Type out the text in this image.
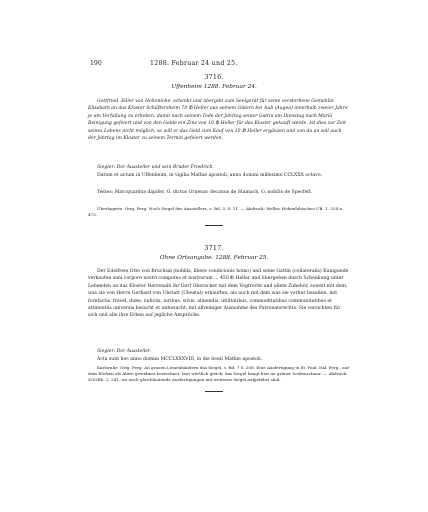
190	1288. Februar 24 und 25.
3716.
Uffenheim 1288. Februar 24.
Gottfried, Edler von Hohenlohe, schenkt und übergibt zum Seelgerät für seine verstorbene Gemahlin Elisabeth an das Kloster Schäftersheim 70 ℔ Heller aus seinem Gütern bei Aub (Augea) innerhalb zweier Jahre je um Verfallung zu erheben, damit nach seinem Tode der Jahrtag seiner Gattin am Dienstag nach Mariä Reinigung gefeiert und von den Gelde ein Zins von 10 ℔ Heller für das Kloster gekauft werde. Ist dies zur Zeit seines Lebens nicht möglich, so will er das Geld zum Kauf von 10 ℔ Heller ergänzen und von da an soll auch der Jahrtag im Kloster zu seinem Termin gefeiert werden.
Siegler: Der Aussteller und sein Bruder Friedrich.
Datum et actum in Uffenheim, in vigilia Mathie apostoli, anno domini millesimo CCLXXX octavo.
Testes: Marcquardus dapifer, G. dictus Gruenac decanus de Stainach, G. nobilis de Specfelt.
Überlagerte. Orig. Perg. Noch Siegel des Ausstellers, s. Bd. 3, S. 11. — Abdruck: Weller, Hohenlohisches UB. 1, 324 n. 475.
3717.
Ohne Ortsangabe. 1288. Februar 25.
Der Edelfreie Otto von Bruchsal (nobilis, libere condicionis homo) und seine Gattin (collateralis) Kunigunde verkaufen sani corpore nostri compotes et nostrorum ... 450 ℔ Heller und übergeben durch Schenkung unter Lebenden an das Kloster Herrenalb ihr Dorf Oberacker mit dem Vogtrecht und allem Zubehör, soweit mit dem, was sie von Herrn Gerhard von Ubstatt (Ubestat) erkauften, als auch mit dem was sie vorher besaßen, mit forefactis, frevel, dube, iudiciis, iuribus, silvis, almendis, utilitatibus, commoditatibus communitatibus et attinentiis universis besucht et unbesucht, mit allreiniger Ausnahme des Patronatsrechts. Sie verzichten für sich und alle ihre Erben auf jegliche Ansprüche.
Siegler: Der Aussteller.
Acta sunt hec anno domini MCCLXXXVIII, in die beati Mathie apostoli.
Karlsruhe. Orig. Perg. An grauen Leinenbändern das Siegel, s. Bd. 7 S. 208. Eine Ausfertigung in St. Paul, Ital. Perg., auf dem Rücken als Abwe gewidmet bezeichnet, laut wörtlich gleich; das Siegel hängt hier an grüner Seidenschnur. — Abdruck: ZGORh. 2, 241, wo auch gleichlautende Ausfertigungen mit weiteren Siegel aufgeführt sind.
